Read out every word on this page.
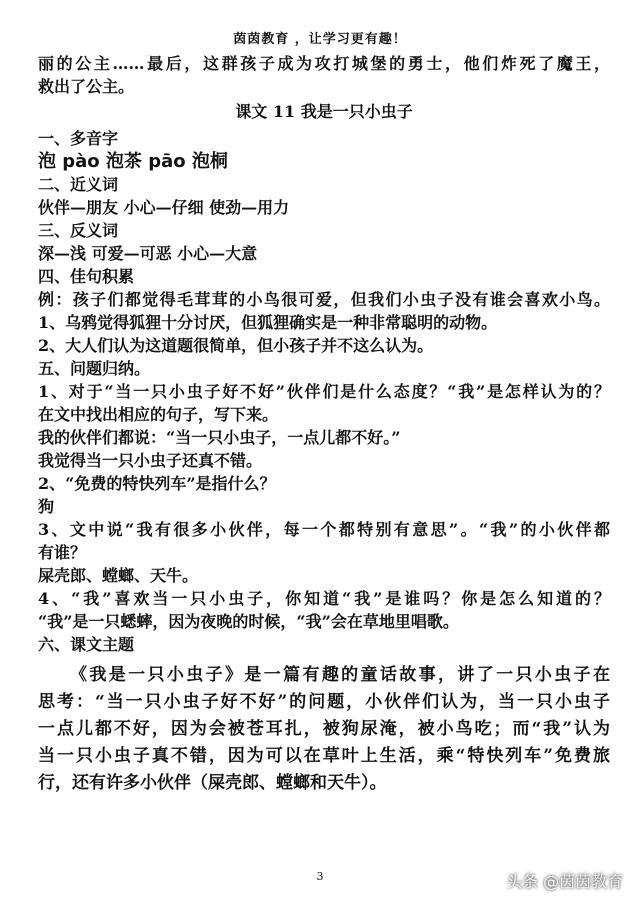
茵茵教育 ，让学习更有趣！

丽的公主……最后，这群孩子成为攻打城堡的勇士，他们炸死了魔王，

救出了公主。

课文 11 我是一只小虫子

一、多音字

泡 pào 泡茶 pāo 泡桐

二、近义词

伙伴—朋友 小心—仔细 使劲—用力

三、反义词

深—浅 可爱—可恶 小心—大意

四、佳句积累

例：孩子们都觉得毛茸茸的小鸟很可爱，但我们小虫子没有谁会喜欢小鸟。

1、乌鸦觉得狐狸十分讨厌，但狐狸确实是一种非常聪明的动物。

2、大人们认为这道题很简单，但小孩子并不这么认为。

五、问题归纳。

1、对于“当一只小虫子好不好”伙伴们是什么态度？“我”是怎样认为的？

在文中找出相应的句子，写下来。

我的伙伴们都说：“当一只小虫子，一点儿都不好。”

我觉得当一只小虫子还真不错。

2、“免费的特快列车”是指什么？

狗

3、文中说“我有很多小伙伴，每一个都特别有意思”。“我”的小伙伴都

有谁？

屎壳郎、螳螂、天牛。

4、“我”喜欢当一只小虫子，你知道“我”是谁吗？你是怎么知道的？

“我”是一只蟋蟀，因为夜晚的时候，“我”会在草地里唱歌。

六、课文主题

《我是一只小虫子》是一篇有趣的童话故事，讲了一只小虫子在

思考：“当一只小虫子好不好”的问题，小伙伴们认为，当一只小虫子

一点儿都不好，因为会被苍耳扎，被狗尿淹，被小鸟吃；而“我”认为

当一只小虫子真不错，因为可以在草叶上生活，乘“特快列车”免费旅

行，还有许多小伙伴（屎壳郎、螳螂和天牛）。

3	头条 @茵茵教育
